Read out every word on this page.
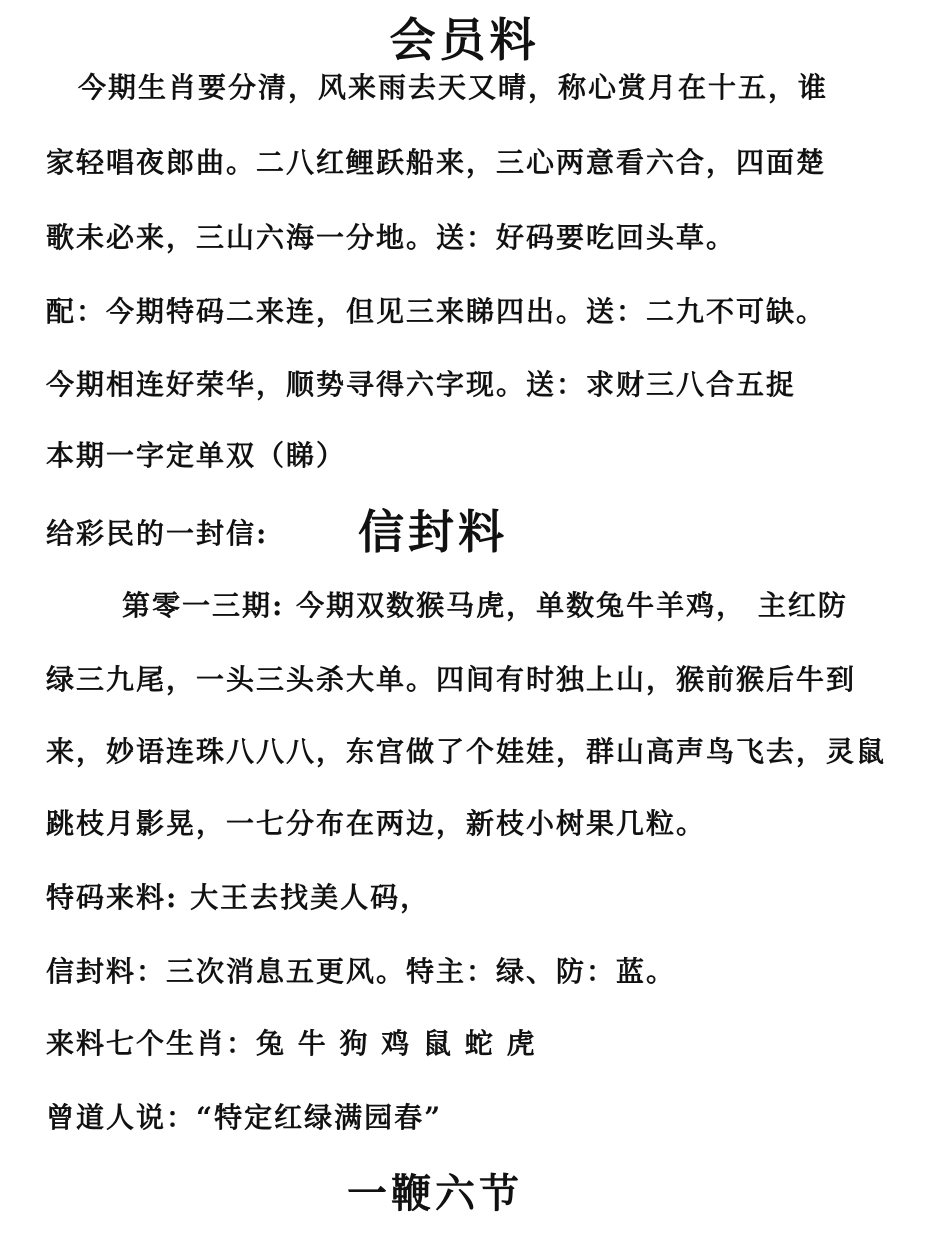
会员料
今期生肖要分清，风来雨去天又晴，称心赏月在十五，谁
家轻唱夜郎曲。二八红鲤跃船来，三心两意看六合，四面楚
歌未必来，三山六海一分地。送：好码要吃回头草。
配：今期特码二来连，但见三来睇四出。送：二九不可缺。
今期相连好荣华，顺势寻得六字现。送：求财三八合五捉
本期一字定单双（睇）
给彩民的一封信: 信封料
第零一三期: 今期双数猴马虎，单数兔牛羊鸡， 主红防
绿三九尾，一头三头杀大单。四间有时独上山，猴前猴后牛到
来，妙语连珠八八八，东宫做了个娃娃，群山高声鸟飞去，灵鼠
跳枝月影晃，一七分布在两边，新枝小树果几粒。
特码来料: 大王去找美人码，
信封料：三次消息五更风。特主：绿、防：蓝。
来料七个生肖：兔 牛 狗 鸡 鼠 蛇 虎
曾道人说：“特定红绿满园春”
一鞭六节
